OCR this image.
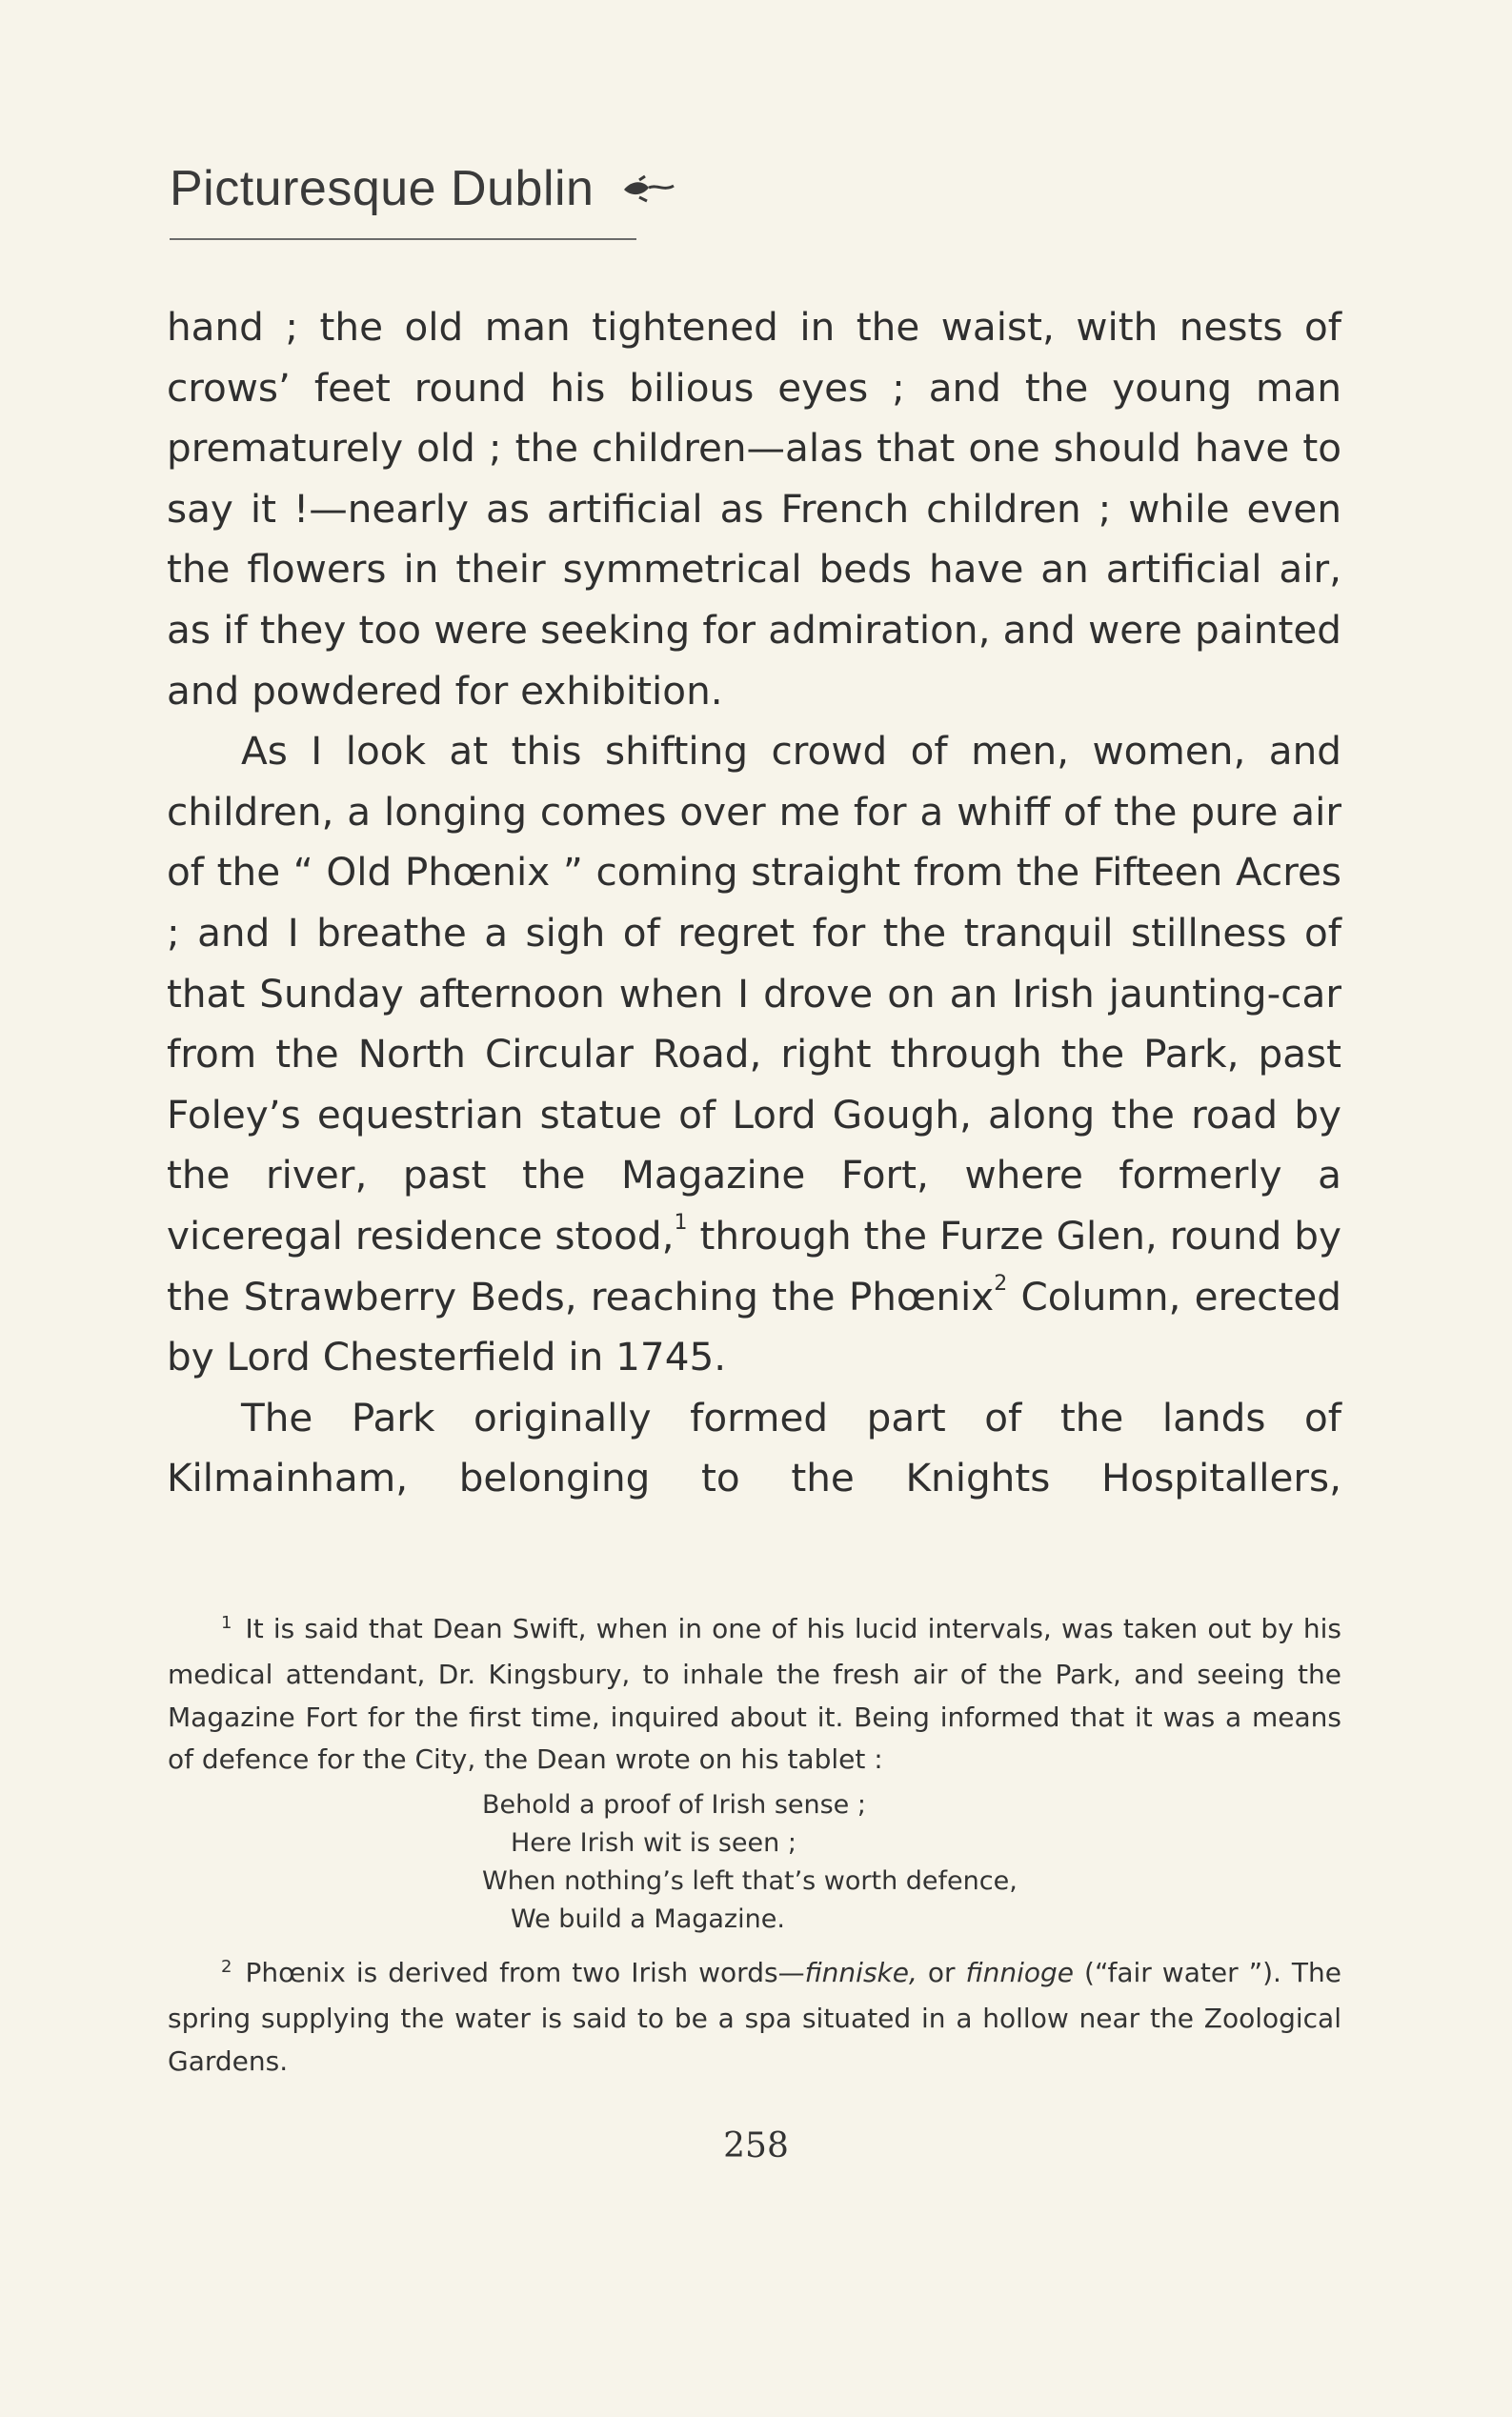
Picturesque Dublin

hand ; the old man tightened in the waist, with nests of crows’ feet round his bilious eyes ; and the young man prematurely old ; the children—alas that one should have to say it !—nearly as artificial as French children ; while even the flowers in their symmetrical beds have an artificial air, as if they too were seeking for admiration, and were painted and powdered for exhibition.

As I look at this shifting crowd of men, women, and children, a longing comes over me for a whiff of the pure air of the “ Old Phœnix ” coming straight from the Fifteen Acres ; and I breathe a sigh of regret for the tranquil stillness of that Sunday afternoon when I drove on an Irish jaunting-car from the North Circular Road, right through the Park, past Foley’s equestrian statue of Lord Gough, along the road by the river, past the Magazine Fort, where formerly a viceregal residence stood,$^1$ through the Furze Glen, round by the Strawberry Beds, reaching the Phœnix$^2$ Column, erected by Lord Chesterfield in 1745.

The Park originally formed part of the lands of Kilmainham, belonging to the Knights Hospitallers,

$^1$ It is said that Dean Swift, when in one of his lucid intervals, was taken out by his medical attendant, Dr. Kingsbury, to inhale the fresh air of the Park, and seeing the Magazine Fort for the first time, inquired about it. Being informed that it was a means of defence for the City, the Dean wrote on his tablet :

Behold a proof of Irish sense ;
Here Irish wit is seen ;
When nothing’s left that’s worth defence,
We build a Magazine.

$^2$ Phœnix is derived from two Irish words—finniske, or finnioge (“fair water ”). The spring supplying the water is said to be a spa situated in a hollow near the Zoological Gardens.

258
